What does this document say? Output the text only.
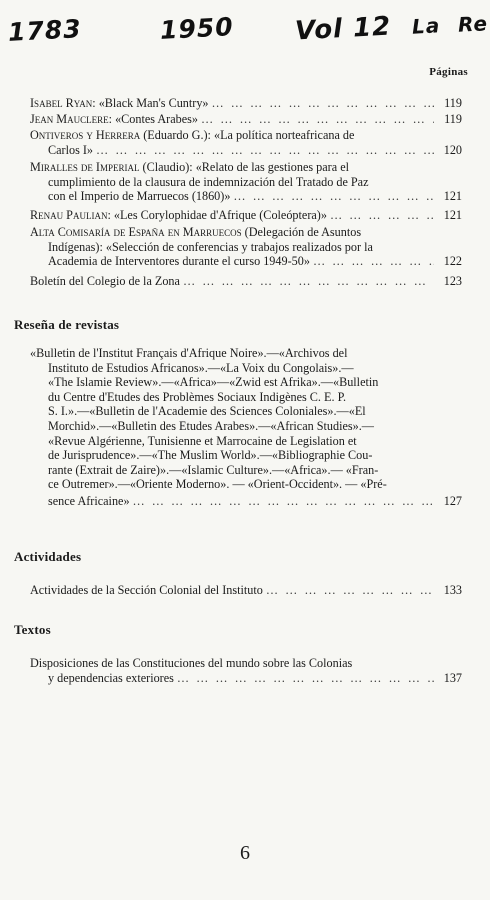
1783	1950 Vol 12 La Re
Páginas
Isabel Ryan: «Black Man's Cuntry» … … … … … … … … … … … … … … … … … … … … … … … … … … … … … … … … … … … …	119
Jean Mauclere: «Contes Arabes» … … … … … … … … … … … … … … … … … … … … … … … … … … … … … … … … … … … …	119
Ontiveros y Herrera (Eduardo G.): «La política norteafricana de
Carlos I» … … … … … … … … … … … … … … … … … … … … … … … … … … … … … … … … … … … …	120
Miralles de Imperial (Claudio): «Relato de las gestiones para el
cumplimiento de la clausura de indemnización del Tratado de Paz
con el Imperio de Marruecos (1860)» … … … … … … … … … … … … … … … … … … … … … … … … … … … … … … … … … … … …	121
Renau Paulian: «Les Corylophidae d'Afrique (Coleóptera)» … … … … … … … … … … … … … … … … … … … … … … … … … … … … … … … … … … … …	121
Alta Comisaría de España en Marruecos (Delegación de Asuntos
Indígenas): «Selección de conferencias y trabajos realizados por la
Academia de Interventores durante el curso 1949-50» … … … … … … … … … … … … … … … … … … … … … … … … … … … … … … … … … … … …	122
Boletín del Colegio de la Zona … … … … … … … … … … … … … … … … … … … … … … … … … … … … … … … … … … … …	123
Reseña de revistas
«Bulletin de l'Institut Français d'Afrique Noire».—«Archivos del
Instituto de Estudios Africanos».—«La Voix du Congolais».—
«The Islamie Review».—«Africa»—«Zwid est Afrika».—«Bulletin
du Centre d'Etudes des Problèmes Sociaux Indigènes C. E. P.
S. I.».—«Bulletin de l'Academie des Sciences Coloniales».—«El
Morchid».—«Bulletin des Etudes Arabes».—«African Studies».—
«Revue Algérienne, Tunisienne et Marrocaine de Legislation et
de Jurisprudence».—«The Muslim World».—«Bibliographie Cou-
rante (Extrait de Zaire)».—«Islamic Culture».—«Africa».— «Fran-
ce Outremer».—«Oriente Moderno». — «Orient-Occident». — «Pré-
sence Africaine» … … … … … … … … … … … … … … … … … … … … … … … … … … … … … … … … … … … …	127
Actividades
Actividades de la Sección Colonial del Instituto … … … … … … … … … … … … … … … … … … … … … … … … … … … … … … … … … … … …	133
Textos
Disposiciones de las Constituciones del mundo sobre las Colonias
y dependencias exteriores … … … … … … … … … … … … … … … … … … … … … … … … … … … … … … … … … … … …	137
6
